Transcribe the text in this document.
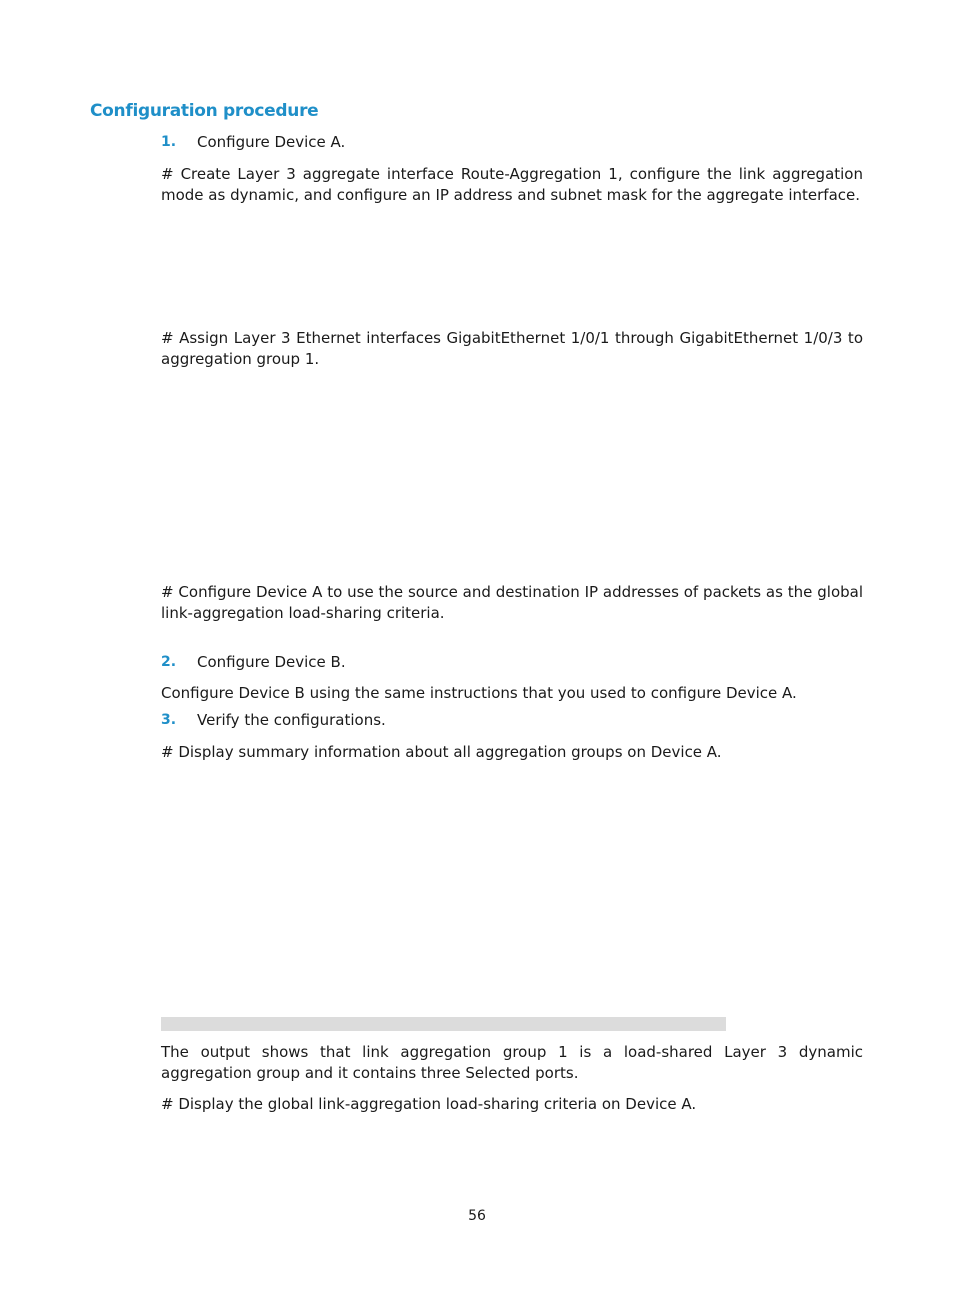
Configuration procedure
1. Configure Device A.

# Create Layer 3 aggregate interface Route-Aggregation 1, configure the link aggregation mode as dynamic, and configure an IP address and subnet mask for the aggregate interface.

# Assign Layer 3 Ethernet interfaces GigabitEthernet 1/0/1 through GigabitEthernet 1/0/3 to aggregation group 1.

# Configure Device A to use the source and destination IP addresses of packets as the global link-aggregation load-sharing criteria.

2. Configure Device B.

Configure Device B using the same instructions that you used to configure Device A.

3. Verify the configurations.

# Display summary information about all aggregation groups on Device A.

The output shows that link aggregation group 1 is a load-shared Layer 3 dynamic aggregation group and it contains three Selected ports.

# Display the global link-aggregation load-sharing criteria on Device A.

56
